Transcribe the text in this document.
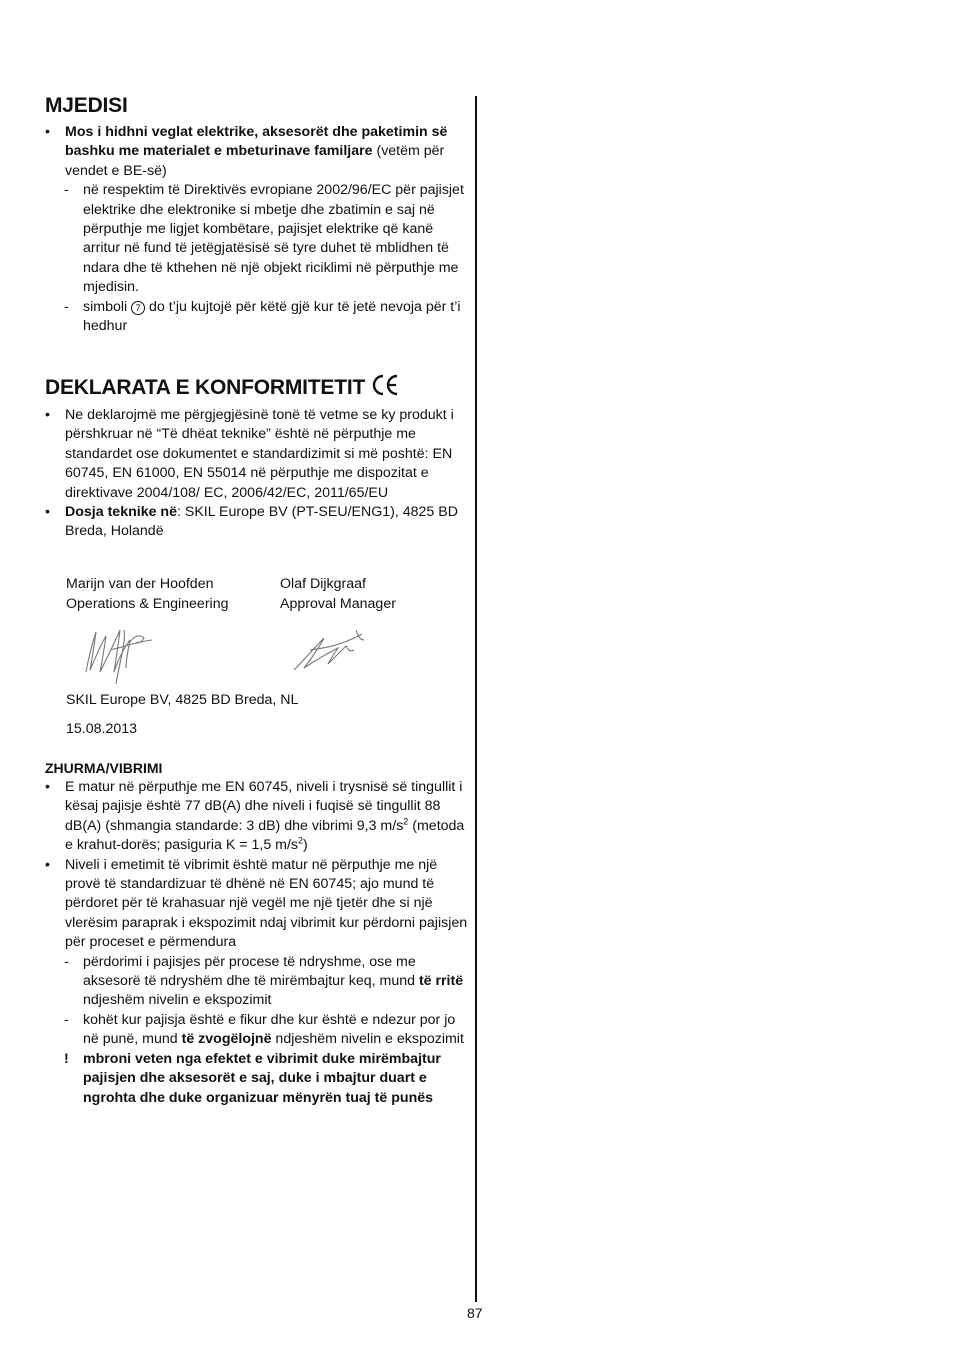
MJEDISI
• Mos i hidhni veglat elektrike, aksesorët dhe paketimin së bashku me materialet e mbeturinave familjare (vetëm për vendet e BE-së)
- në respektim të Direktivës evropiane 2002/96/EC për pajisjet elektrike dhe elektronike si mbetje dhe zbatimin e saj në përputhje me ligjet kombëtare, pajisjet elektrike që kanë arritur në fund të jetëgjatësisë së tyre duhet të mblidhen të ndara dhe të kthehen në një objekt riciklimi në përputhje me mjedisin.
- simboli 7 do t’ju kujtojë për këtë gjë kur të jetë nevoja për t’i hedhur
DEKLARATA E KONFORMITETIT
• Ne deklarojmë me përgjegjësinë tonë të vetme se ky produkt i përshkruar në “Të dhëat teknike” është në përputhje me standardet ose dokumentet e standardizimit si më poshtë: EN 60745, EN 61000, EN 55014 në përputhje me dispozitat e direktivave 2004/108/ EC, 2006/42/EC, 2011/65/EU
• Dosja teknike në: SKIL Europe BV (PT-SEU/ENG1), 4825 BD Breda, Holandë
Marijn van der Hoofden
Operations & Engineering
Olaf Dijkgraaf
Approval Manager
SKIL Europe BV, 4825 BD Breda, NL
15.08.2013
ZHURMA/VIBRIMI
• E matur në përputhje me EN 60745, niveli i trysnisë së tingullit i kësaj pajisje është 77 dB(A) dhe niveli i fuqisë së tingullit 88 dB(A) (shmangia standarde: 3 dB) dhe vibrimi 9,3 $m/s^2$ (metoda e krahut-dorës; pasiguria K = 1,5 $m/s^2$)
• Niveli i emetimit të vibrimit është matur në përputhje me një provë të standardizuar të dhënë në EN 60745; ajo mund të përdoret për të krahasuar një vegël me një tjetër dhe si një vlerësim paraprak i ekspozimit ndaj vibrimit kur përdorni pajisjen për proceset e përmendura
- përdorimi i pajisjes për procese të ndryshme, ose me aksesorë të ndryshëm dhe të mirëmbajtur keq, mund të rritë ndjeshëm nivelin e ekspozimit
- kohët kur pajisja është e fikur dhe kur është e ndezur por jo në punë, mund të zvogëlojnë ndjeshëm nivelin e ekspozimit
! mbroni veten nga efektet e vibrimit duke mirëmbajtur pajisjen dhe aksesorët e saj, duke i mbajtur duart e ngrohta dhe duke organizuar mënyrën tuaj të punës
87
